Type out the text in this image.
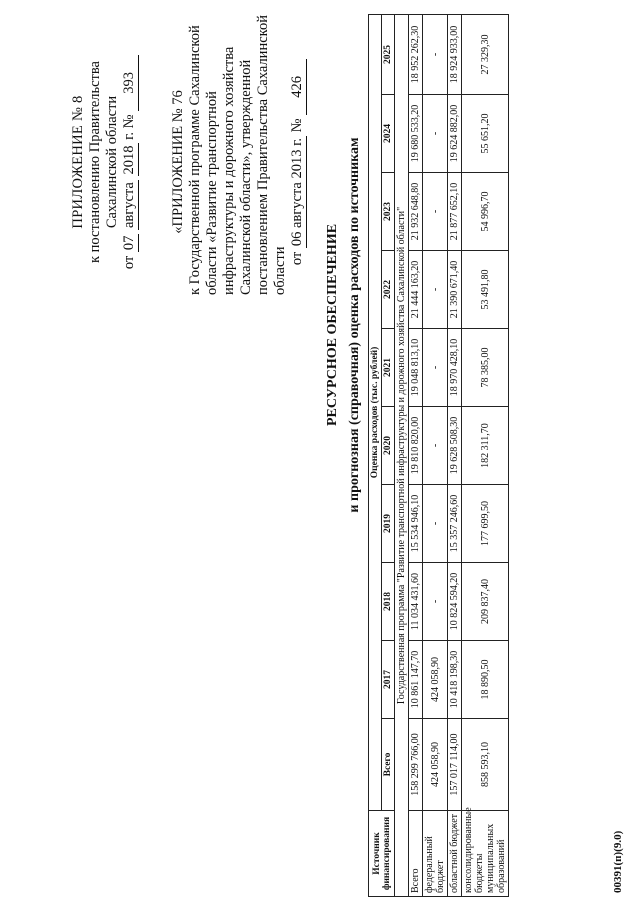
ПРИЛОЖЕНИЕ № 8 к постановлению Правительства Сахалинской области
от 07 августа 2018 г. № 393
«ПРИЛОЖЕНИЕ № 76 к Государственной программе Сахалинской области «Развитие транспортной инфраструктуры и дорожного хозяйства Сахалинской области», утвержденной постановлением Правительства Сахалинской области от 06 августа 2013 г. № 426
РЕСУРСНОЕ ОБЕСПЕЧЕНИЕ и прогнозная (справочная) оценка расходов по источникам
Источник финансирования	Оценка расходов (тыс. рублей)									
	Всего	2017	2018	2019	2020	2021	2022	2023	2024	2025
Государственная программа "Развитие транспортной инфраструктуры и дорожного хозяйства Сахалинской области"										
Всего	158 299 766,00	10 861 147,70	11 034 431,60	15 534 946,10	19 810 820,00	19 048 813,10	21 444 163,20	21 932 648,80	19 680 533,20	18 952 262,30
федеральный бюджет	424 058,90	424 058,90	-	-	-	-	-	-	-	-
областной бюджет	157 017 114,00	10 418 198,30	10 824 594,20	15 357 246,60	19 628 508,30	18 970 428,10	21 390 671,40	21 877 652,10	19 624 882,00	18 924 933,00
консолидированные бюджеты муниципальных образований	858 593,10	18 890,50	209 837,40	177 699,50	182 311,70	78 385,00	53 491,80	54 996,70	55 651,20	27 329,30
00391(п)(9.0)
